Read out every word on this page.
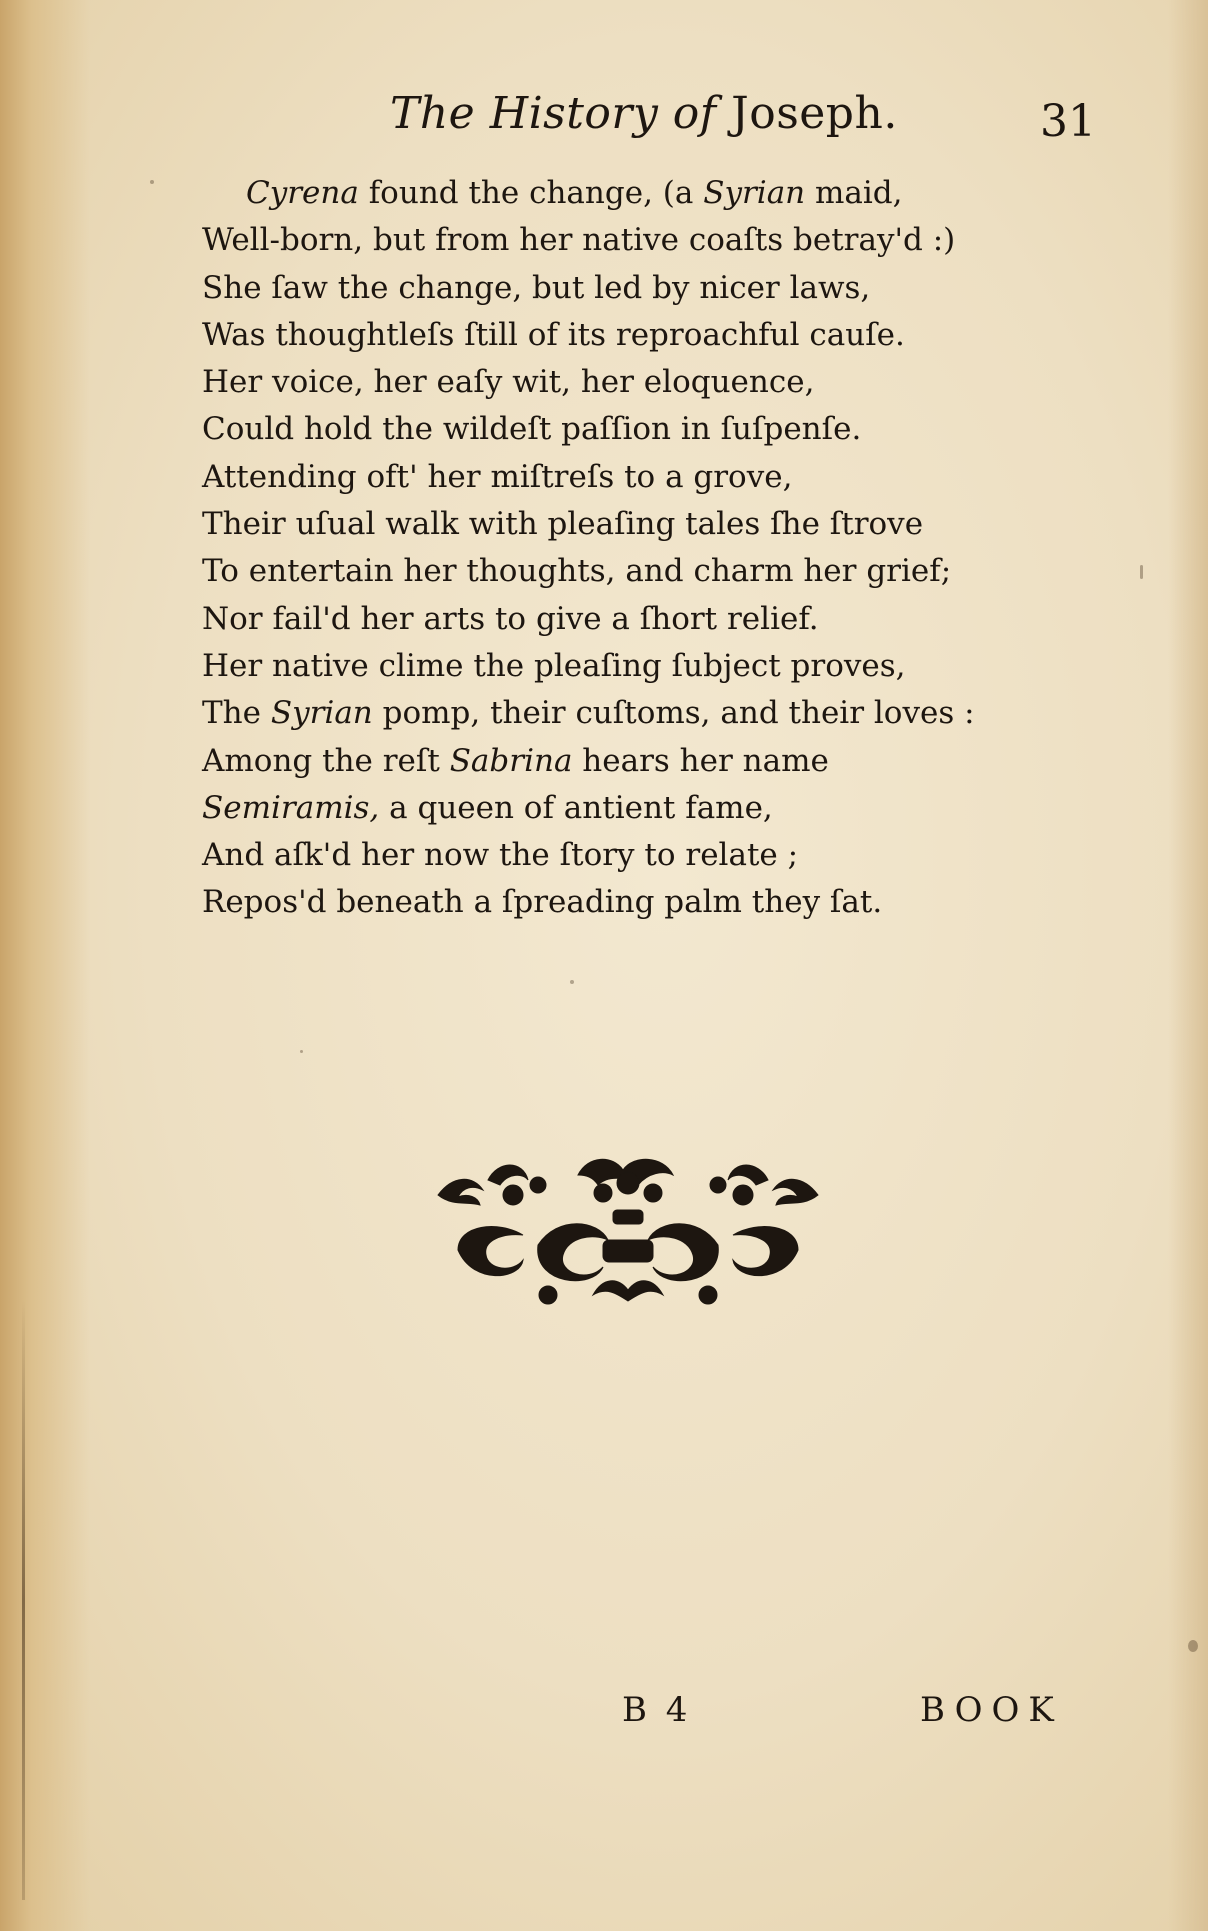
The History of Joseph.	31
Cyrena found the change, (a Syrian maid,
Well-born, but from her native coaſts betray'd :)
She ſaw the change, but led by nicer laws,
Was thoughtleſs ſtill of its reproachful cauſe.
Her voice, her eaſy wit, her eloquence,
Could hold the wildeſt paſſion in ſuſpenſe.
Attending oft' her miſtreſs to a grove,
Their uſual walk with pleaſing tales ſhe ſtrove
To entertain her thoughts, and charm her grief;
Nor fail'd her arts to give a ſhort relief.
Her native clime the pleaſing ſubject proves,
The Syrian pomp, their cuſtoms, and their loves :
Among the reſt Sabrina hears her name
Semiramis, a queen of antient fame,
And aſk'd her now the ſtory to relate ;
Repos'd beneath a ſpreading palm they ſat.
B 4	BOOK
